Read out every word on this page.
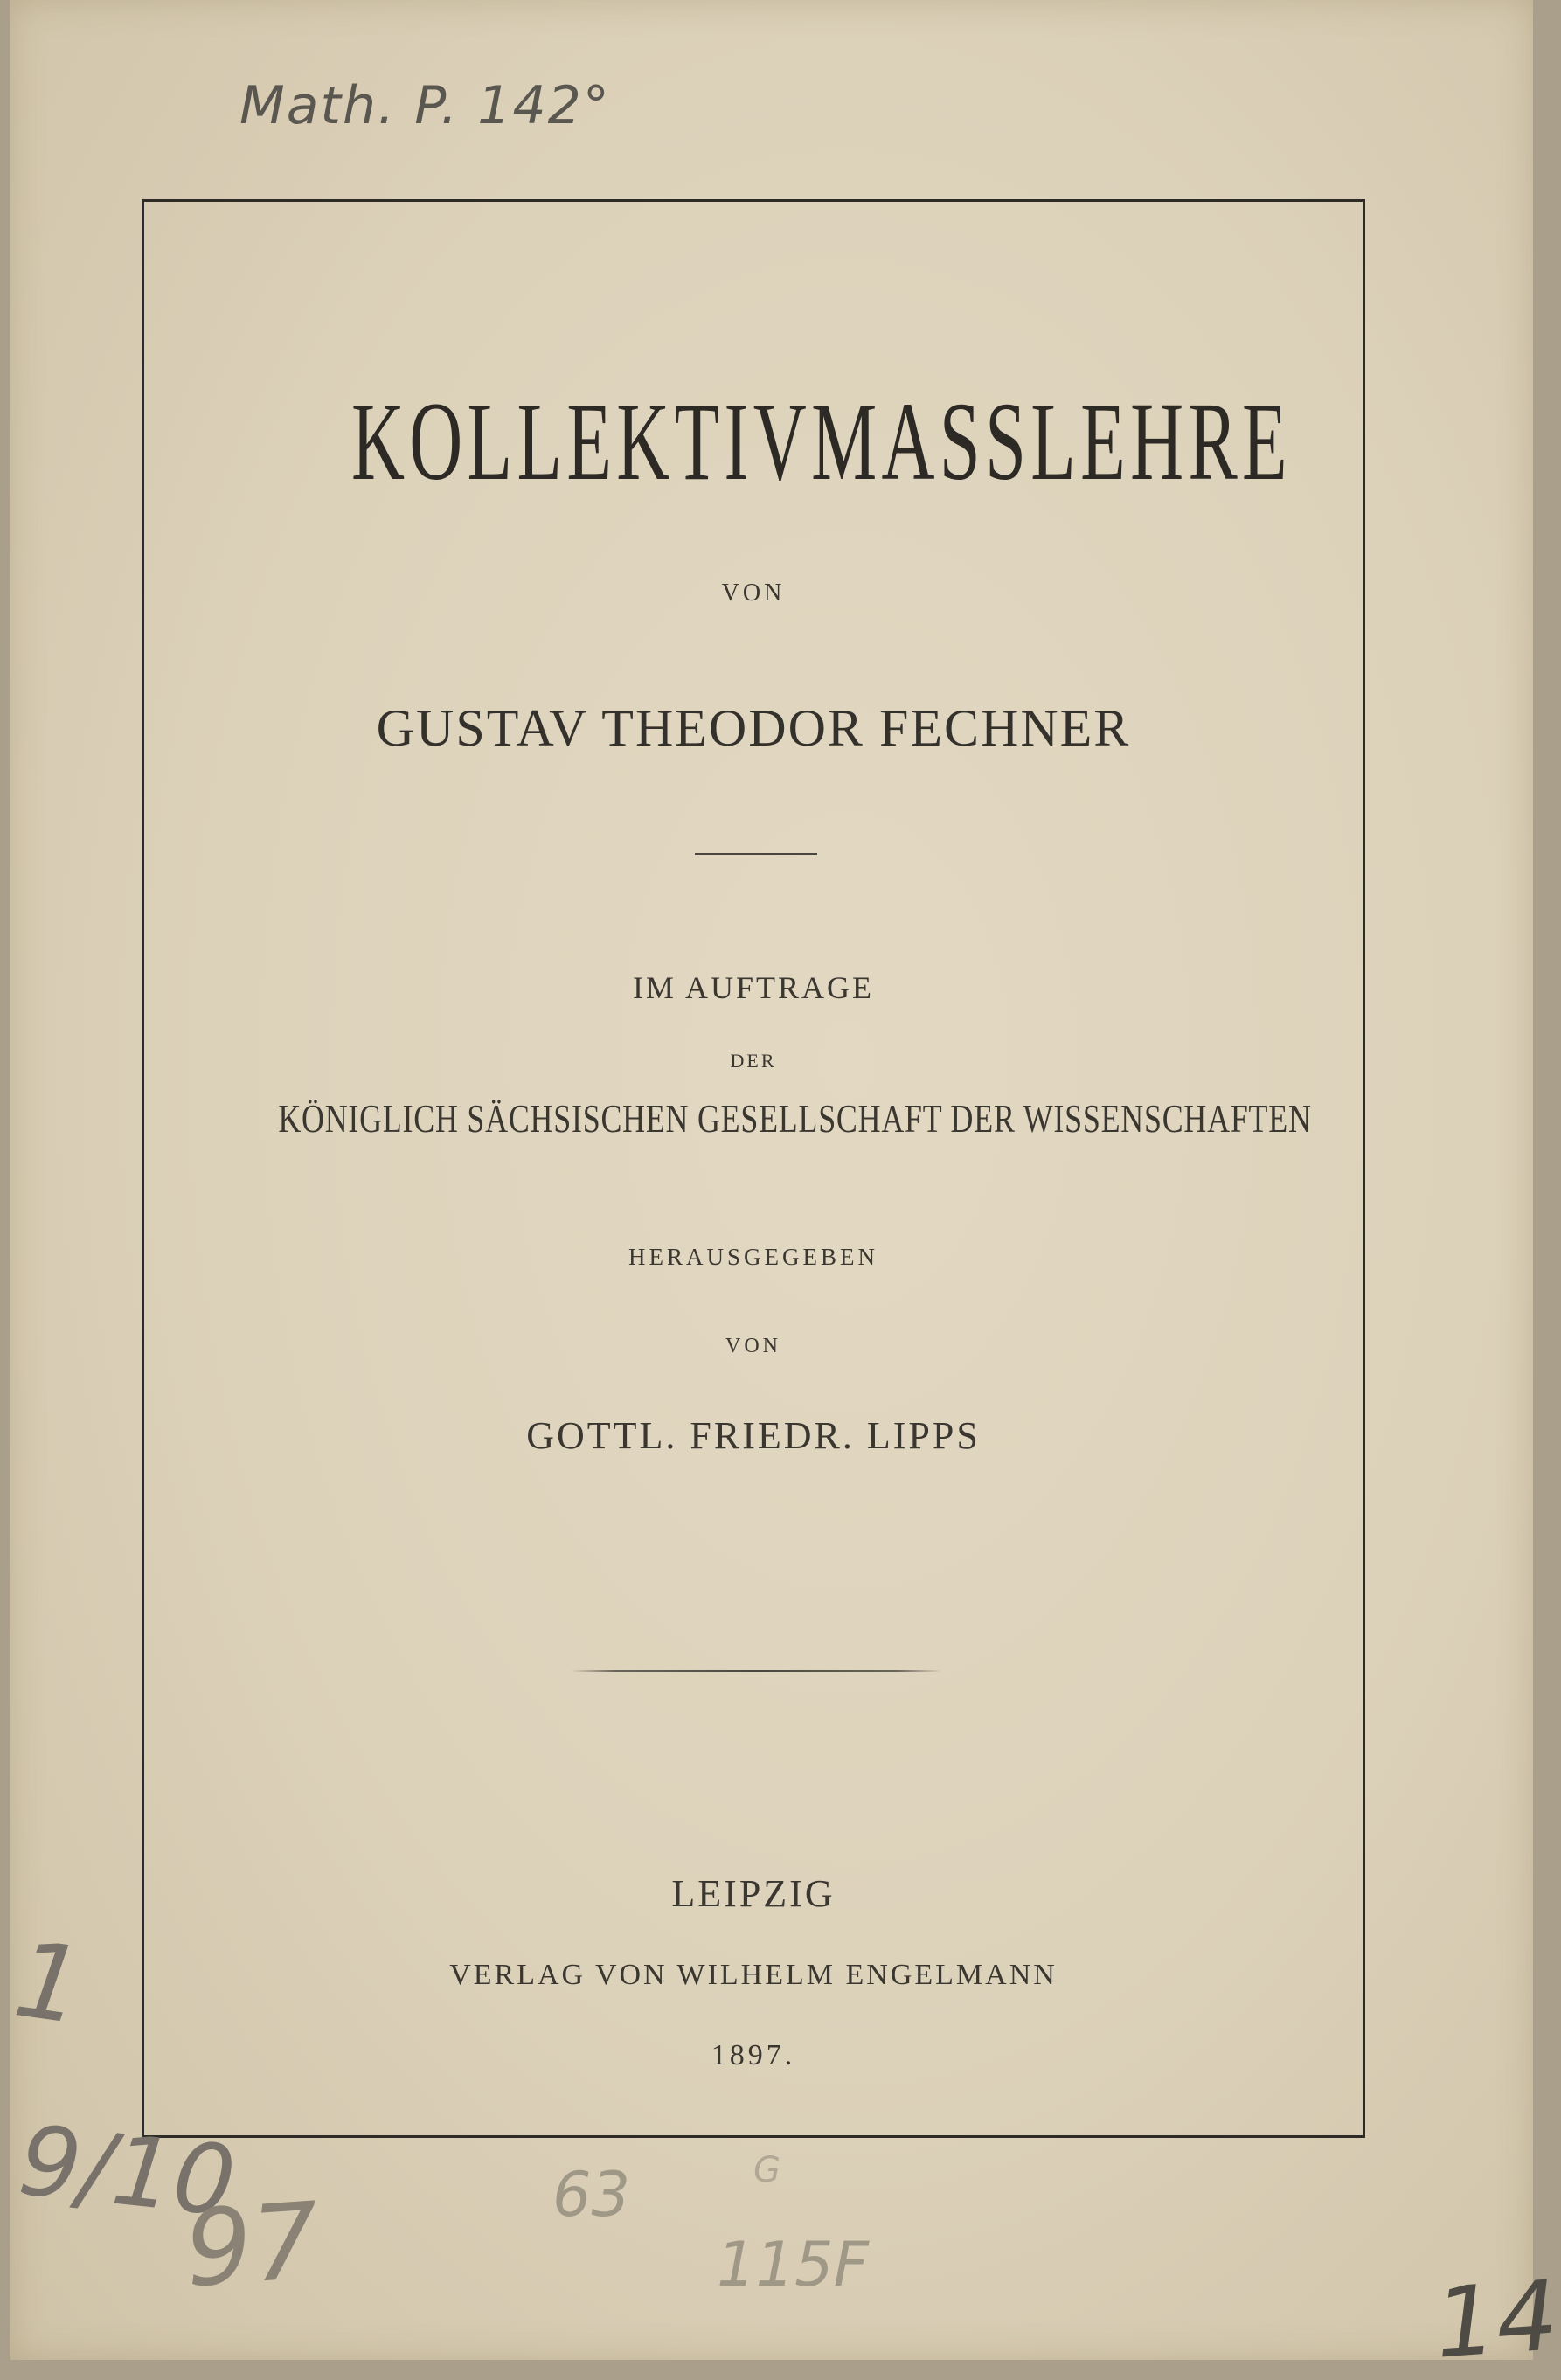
Math. P. 142°
KOLLEKTIVMASSLEHRE
VON
GUSTAV THEODOR FECHNER
IM AUFTRAGE
DER
KÖNIGLICH SÄCHSISCHEN GESELLSCHAFT DER WISSENSCHAFTEN
HERAUSGEGEBEN
VON
GOTTL. FRIEDR. LIPPS
LEIPZIG
VERLAG VON WILHELM ENGELMANN
1897.
1
9/10
97	63	G
115F	14
